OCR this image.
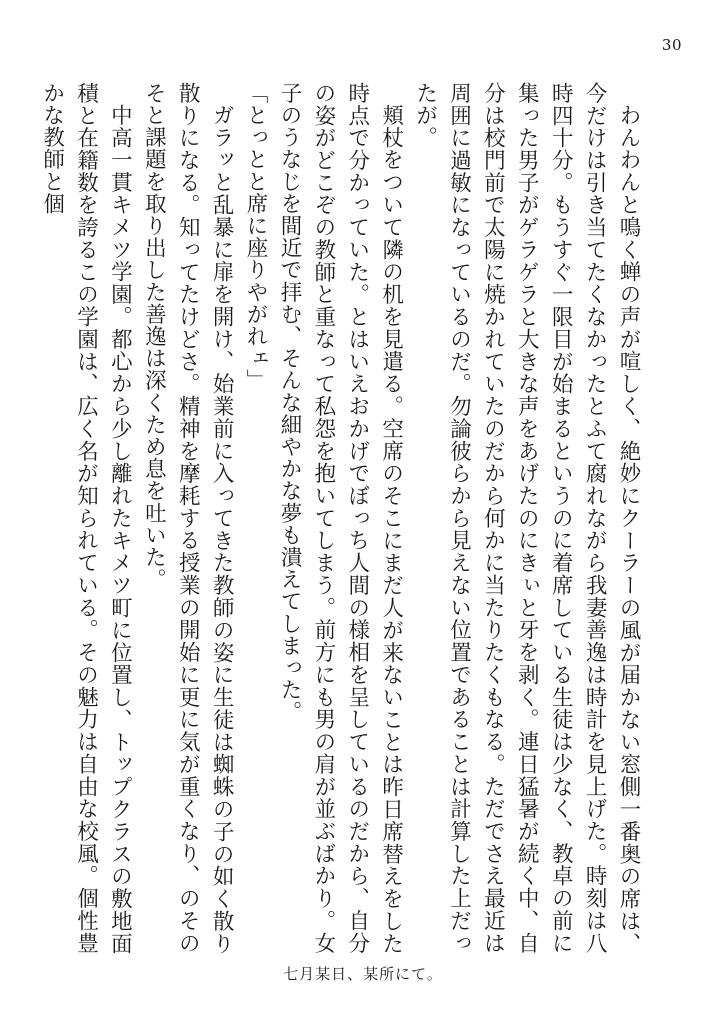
30

わんわんと鳴く蝉の声が喧しく、絶妙にクーラーの風が届かない窓側一番奥の席は、今だけは引き当てたくなかったとふて腐れながら我妻善逸は時計を見上げた。時刻は八時四十分。もうすぐ一限目が始まるというのに着席している生徒は少なく、教卓の前に集った男子がゲラゲラと大きな声をあげたのにきぃと牙を剥く。連日猛暑が続く中、自分は校門前で太陽に焼かれていたのだから何かに当たりたくもなる。ただでさえ最近は周囲に過敏になっているのだ。勿論彼らから見えない位置であることは計算した上だったが。

頬杖をついて隣の机を見遣る。空席のそこにまだ人が来ないことは昨日席替えをした時点で分かっていた。とはいえおかげでぼっち人間の様相を呈しているのだから、自分の姿がどこぞの教師と重なって私怨を抱いてしまう。前方にも男の肩が並ぶばかり。女子のうなじを間近で拝む、そんな細やかな夢も潰えてしまった。

「とっとと席に座りやがれェ」

ガラッと乱暴に扉を開け、始業前に入ってきた教師の姿に生徒は蜘蛛の子の如く散り散りになる。知ってたけどさ。精神を摩耗する授業の開始に更に気が重くなり、のそのそと課題を取り出した善逸は深くため息を吐いた。

中高一貫キメツ学園。都心から少し離れたキメツ町に位置し、トップクラスの敷地面積と在籍数を誇るこの学園は、広く名が知られている。その魅力は自由な校風。個性豊かな教師と個

七月某日、某所にて。
